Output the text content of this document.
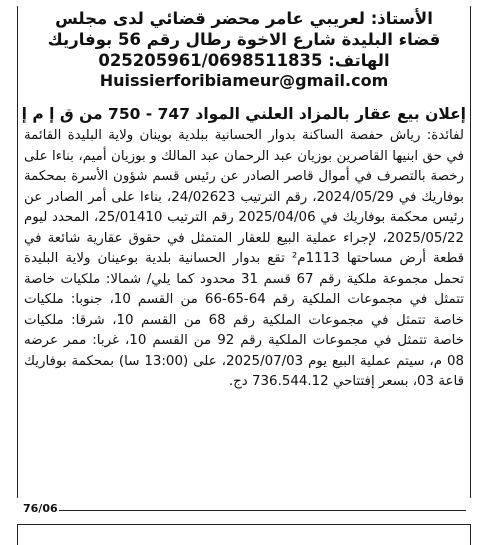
الأستاذ: لعريبي عامر محضر قضائي لدى مجلس
قضاء البليدة شارع الاخوة رطال رقم 56 بوفاريك
الهاتف: 025205961/0698511835
Huissierforibiameur@gmail.com
إعلان بيع عقار بالمزاد العلني المواد 747 - 750 من ق إ م إ
لفائدة: رياش حفصة الساكنة بدوار الحسانية ببلدية بوينان ولاية البليدة القائمة في حق ابنيها القاصرين بوزيان عبد الرحمان عبد المالك و بوزيان أميم، بناءا على رخصة بالتصرف في أموال قاصر الصادر عن رئيس قسم شؤون الأسرة بمحكمة بوفاريك في 2024/05/29، رقم الترتيب 24/02623، بناءا على أمر الصادر عن رئيس محكمة بوفاريك في 2025/04/06 رقم الترتيب 25/01410، المحدد ليوم 2025/05/22، لإجراء عملية البيع للعقار المتمثل في حقوق عقارية شائعة في قطعة أرض مساحتها 1113م² تقع بدوار الحسانية بلدية بوعينان ولاية البليدة تحمل مجموعة ملكية رقم 67 قسم 31 محدود كما يلي/ شمالا: ملكيات خاصة تتمثل في مجموعات الملكية رقم 64-65-66 من القسم 10، جنوبا: ملكيات خاصة تتمثل في مجموعات الملكية رقم 68 من القسم 10، شرقا: ملكيات خاصة تتمثل في مجموعات الملكية رقم 92 من القسم 10، غربا: ممر عرضه 08 م، سيتم عملية البيع يوم 2025/07/03، على (13:00 سا) بمحكمة بوفاريك قاعة 03، بسعر إفتتاحي 736.544.12 دج.
76/06
